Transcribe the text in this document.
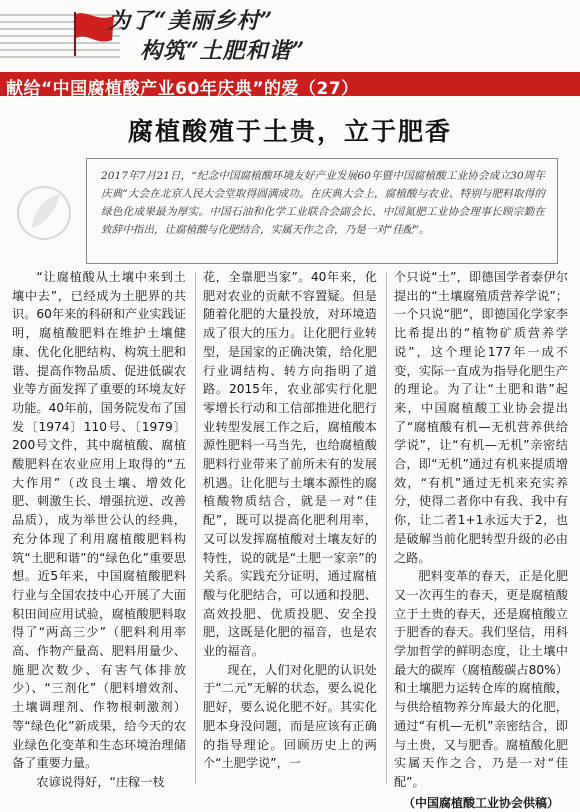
为了“美丽乡村”
构筑“土肥和谐”
献给“中国腐植酸产业60年庆典”的爱（27）
腐植酸殖于土贵，立于肥香
2017年7月21日，“纪念中国腐植酸环境友好产业发展60年暨中国腐植酸工业协会成立30周年庆典”大会在北京人民大会堂取得圆满成功。在庆典大会上，腐植酸与农业、特别与肥料取得的绿色化成果最为厚实。中国石油和化学工业联合会副会长、中国氮肥工业协会理事长顾宗勤在致辞中指出，让腐植酸与化肥结合，实属天作之合，乃是一对“佳配”。

“让腐植酸从土壤中来到土壤中去”，已经成为土肥界的共识。60年来的科研和产业实践证明，腐植酸肥料在维护土壤健康、优化化肥结构、构筑土肥和谐、提高作物品质、促进低碳农业等方面发挥了重要的环境友好功能。40年前，国务院发布了国发〔1974〕110号、〔1979〕200号文件，其中腐植酸、腐植酸肥料在农业应用上取得的“五大作用”（改良土壤、增效化肥、刺激生长、增强抗逆、改善品质），成为举世公认的经典，充分体现了利用腐植酸肥料构筑“土肥和谐”的“绿色化”重要思想。近5年来，中国腐植酸肥料行业与全国农技中心开展了大面积田间应用试验，腐植酸肥料取得了“两高三少”（肥料利用率高、作物产量高、肥料用量少、施肥次数少、有害气体排放少）、“三剂化”（肥料增效剂、土壤调理剂、作物根刺激剂）等“绿色化”新成果，给今天的农业绿色化变革和生态环境治理储备了重要力量。

农谚说得好，“庄稼一枝

花，全靠肥当家”。40年来，化肥对农业的贡献不容置疑。但是随着化肥的大量投放，对环境造成了很大的压力。让化肥行业转型，是国家的正确决策，给化肥行业调结构、转方向指明了道路。2015年，农业部实行化肥零增长行动和工信部推进化肥行业转型发展工作之后，腐植酸本源性肥料一马当先，也给腐植酸肥料行业带来了前所未有的发展机遇。让化肥与土壤本源性的腐植酸物质结合，就是一对“佳配”，既可以提高化肥利用率，又可以发挥腐植酸对土壤友好的特性，说的就是“土肥一家亲”的关系。实践充分证明，通过腐植酸与化肥结合，可以通和投肥、高效投肥、优质投肥、安全投肥，这既是化肥的福音，也是农业的福音。

现在，人们对化肥的认识处于“二元”无解的状态，要么说化肥好，要么说化肥不好。其实化肥本身没问题，而是应该有正确的指导理论。回顾历史上的两个“土肥学说”，一

个只说“土”，即德国学者泰伊尔提出的“土壤腐殖质营养学说”；一个只说“肥”，即德国化学家李比希提出的“植物矿质营养学说”，这个理论177年一成不变，实际一直成为指导化肥生产的理论。为了让“土肥和谐”起来，中国腐植酸工业协会提出了“腐植酸有机—无机营养供给学说”，让“有机—无机”亲密结合，即“无机”通过有机来提质增效，“有机”通过无机来充实养分，使得二者你中有我、我中有你，让二者1+1永远大于2，也是破解当前化肥转型升级的必由之路。

肥料变革的春天，正是化肥又一次再生的春天，更是腐植酸立于土贵的春天，还是腐植酸立于肥香的春天。我们坚信，用科学加哲学的鲜明态度，让土壤中最大的碳库（腐植酸碳占80%）和土壤肥力运转仓库的腐植酸，与供给植物养分库最大的化肥，通过“有机—无机”亲密结合，即与土贵，又与肥香。腐植酸化肥实属天作之合，乃是一对“佳配”。

（中国腐植酸工业协会供稿）
